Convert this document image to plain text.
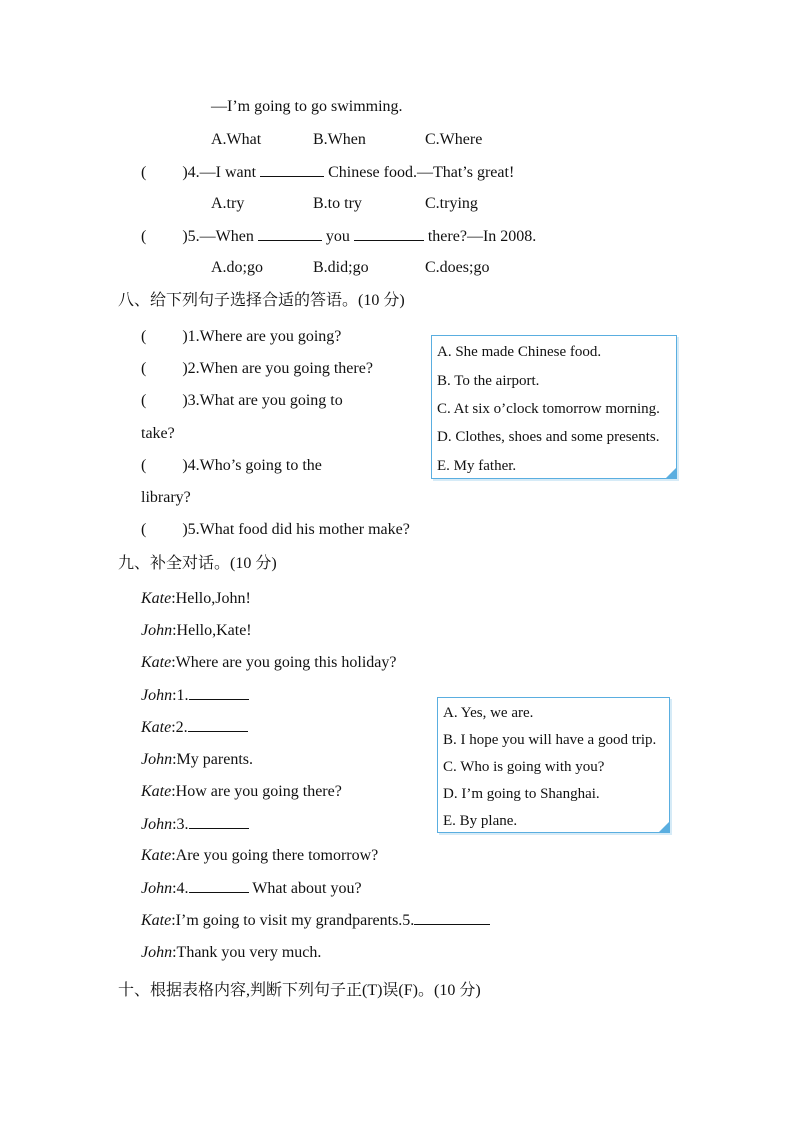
—I’m going to go swimming.
A.What	B.When	C.Where
( )4.—I want	Chinese food.—That’s great!
A.try	B.to try	C.trying
( )5.—When	you	there?—In 2008.
A.do;go	B.did;go	C.does;go
八、给下列句子选择合适的答语。(10 分)
( )1.Where are you going?
( )2.When are you going there?
( )3.What are you going to
take?
( )4.Who’s going to the
library?
( )5.What food did his mother make?
A. She made Chinese food.
B. To the airport.
C. At six o’clock tomorrow morning.
D. Clothes, shoes and some presents.
E. My father.
九、补全对话。(10 分)
Kate:Hello,John!
John:Hello,Kate!
Kate:Where are you going this holiday?
John:1.
Kate:2.
John:My parents.
Kate:How are you going there?
John:3.
Kate:Are you going there tomorrow?
John:4.	What about you?
Kate:I’m going to visit my grandparents.5.
John:Thank you very much.
A. Yes, we are.
B. I hope you will have a good trip.
C. Who is going with you?
D. I’m going to Shanghai.
E. By plane.
十、根据表格内容,判断下列句子正(T)误(F)。(10 分)
